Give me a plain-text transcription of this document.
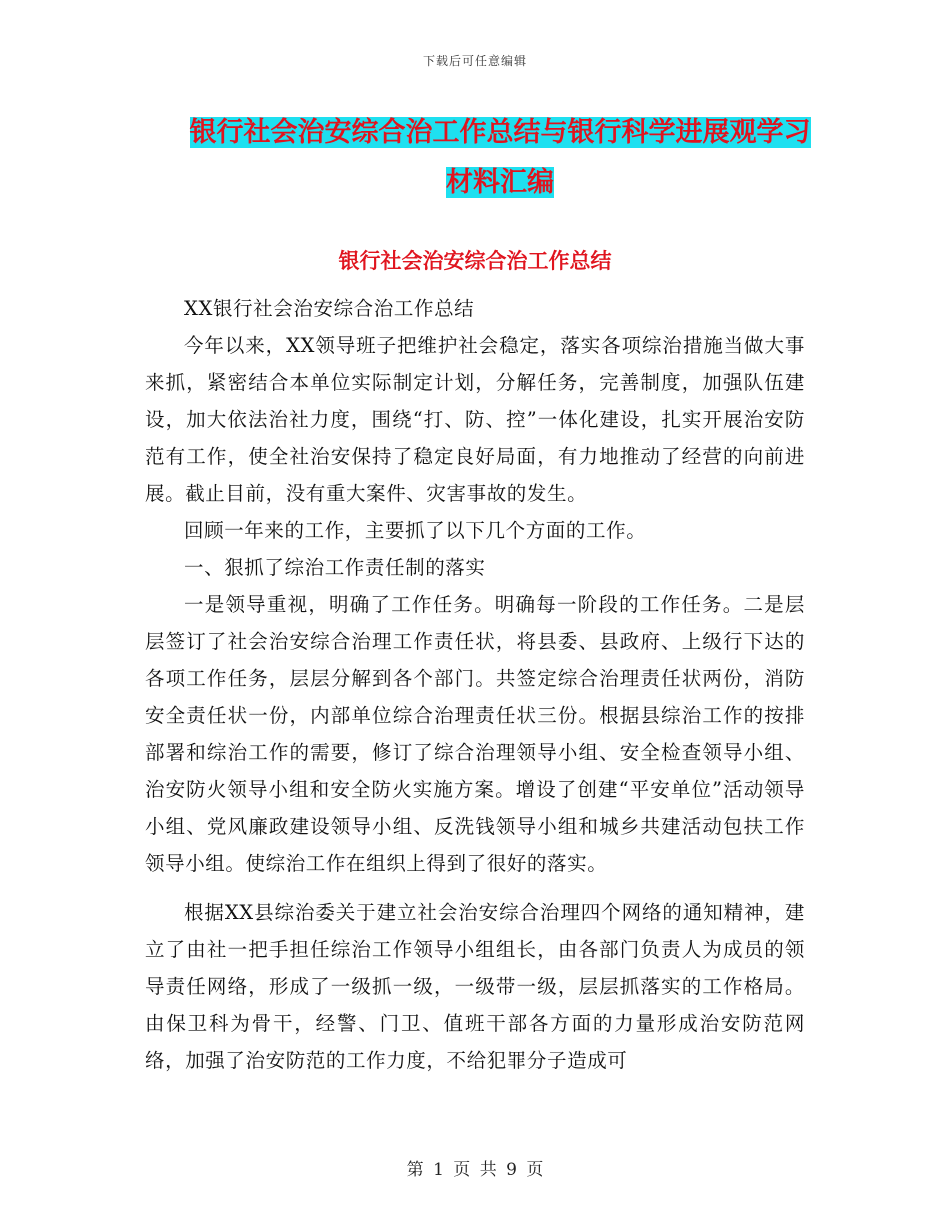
下载后可任意编辑
银行社会治安综合治工作总结与银行科学进展观学习
材料汇编
银行社会治安综合治工作总结

XX银行社会治安综合治工作总结

今年以来，XX领导班子把维护社会稳定，落实各项综治措施当做大事来抓，紧密结合本单位实际制定计划，分解任务，完善制度，加强队伍建设，加大依法治社力度，围绕“打、防、控”一体化建设，扎实开展治安防范有工作，使全社治安保持了稳定良好局面，有力地推动了经营的向前进展。截止目前，没有重大案件、灾害事故的发生。

回顾一年来的工作，主要抓了以下几个方面的工作。

一、狠抓了综治工作责任制的落实

一是领导重视，明确了工作任务。明确每一阶段的工作任务。二是层层签订了社会治安综合治理工作责任状，将县委、县政府、上级行下达的各项工作任务，层层分解到各个部门。共签定综合治理责任状两份，消防安全责任状一份，内部单位综合治理责任状三份。根据县综治工作的按排部署和综治工作的需要，修订了综合治理领导小组、安全检查领导小组、治安防火领导小组和安全防火实施方案。增设了创建“平安单位”活动领导小组、党风廉政建设领导小组、反洗钱领导小组和城乡共建活动包扶工作领导小组。使综治工作在组织上得到了很好的落实。

根据XX县综治委关于建立社会治安综合治理四个网络的通知精神，建立了由社一把手担任综治工作领导小组组长，由各部门负责人为成员的领导责任网络，形成了一级抓一级，一级带一级，层层抓落实的工作格局。由保卫科为骨干，经警、门卫、值班干部各方面的力量形成治安防范网络，加强了治安防范的工作力度，不给犯罪分子造成可

第 1 页 共 9 页
